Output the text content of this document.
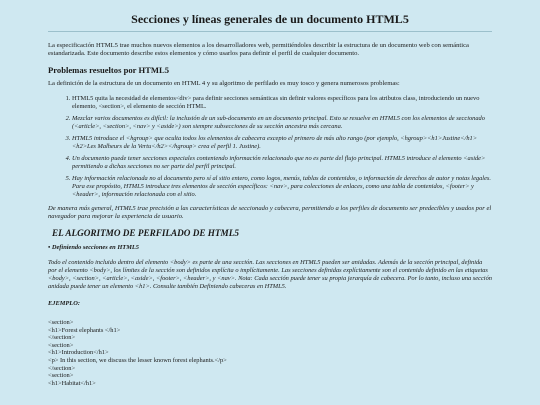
Secciones y líneas generales de un documento HTML5

La especificación HTML5 trae muchos nuevos elementos a los desarrolladores web, permitiéndoles describir la estructura de un documento web con semántica estandarizada. Este documento describe estos elementos y cómo usarlos para definir el perfil de cualquier documento.

Problemas resueltos por HTML5

La definición de la estructura de un documento en HTML 4 y su algoritmo de perfilado es muy tosco y genera numerosos problemas:

1. HTML5 quita la necesidad de elementos<div> para definir secciones semánticas sin definir valores específicos para los atributos class, introduciendo un nuevo elemento, <section>, el elemento de sección HTML.
2. Mezclar varios documentos es difícil: la inclusión de un sub-documento en un documento principal. Esto se resuelve en HTML5 con los elementos de seccionado (<article>, <section>, <nav> y <aside>) son siempre subsecciones de su sección ancestra más cercana.
3. HTML5 introduce el <hgroup> que oculta todos los elementos de cabecera excepto el primero de más alto rango (por ejemplo, <hgroup><h1>Justine</h1><h2>Les Malheurs de la Vertu</h2></hgroup> crea el perfil 1. Justine).
4. Un documento puede tener secciones especiales conteniendo información relacionado que no es parte del flujo principal. HTML5 introduce el elemento <aside> permitiendo a dichas secciones no ser parte del perfil principal.
5. Hay información relacionada no al documento pero sí al sitio entero, como logos, menús, tablas de contenidos, o información de derechos de autor y notas legales. Para ese propósito, HTML5 introduce tres elementos de sección específicos: <nav>, para colecciones de enlaces, como una tabla de contenidos, <footer> y <header>, información relacionada con el sitio.

De manera más general, HTML5 trae precisión a las características de seccionado y cabecera, permitiendo a los perfiles de documento ser predecibles y usados por el navegador para mejorar la experiencia de usuario.

EL ALGORITMO DE PERFILADO DE HTML5
• Definiendo secciones en HTML5
Todo el contenido incluido dentro del elemento <body> es parte de una sección. Las secciones en HTML5 pueden ser anidadas. Además de la sección principal, definida por el elemento <body>, los límites de la sección son definidos explícita o implícitamente. Las secciones definidas explícitamente son el contenido definido en las etiquetas <body>, <section>, <article>, <aside>, <footer>, <header>, y <nav>. Nota: Cada sección puede tener su propia jerarquía de cabecera. Por lo tanto, incluso una sección anidada puede tener un elemento <h1>. Consulte también Definiendo cabeceras en HTML5.
EJEMPLO:
<section>
<h1>Forest elephants </h1>
</section>
<section>
<h1>Introduction</h1>
<p> In this section, we discuss the lesser known forest elephants.</p>
</section>
<section>
<h1>Habitat</h1>
